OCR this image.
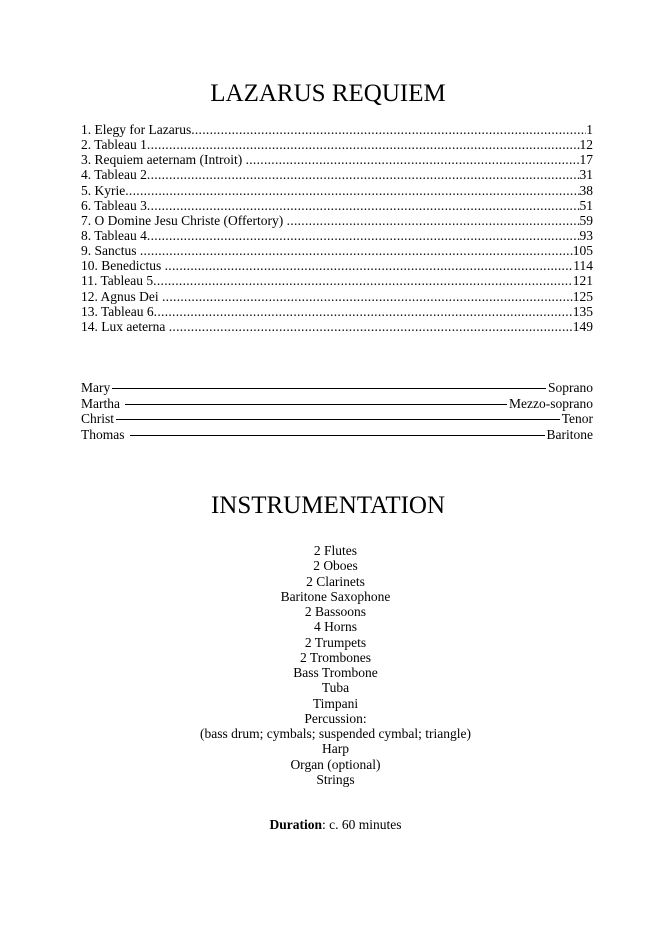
LAZARUS REQUIEM
1. Elegy for Lazarus .....	1
2. Tableau 1 .....	12
3. Requiem aeternam (Introit) .....	17
4. Tableau 2 .....	31
5. Kyrie .....	38
6. Tableau 3 .....	51
7. O Domine Jesu Christe (Offertory) .....	59
8. Tableau 4 .....	93
9. Sanctus .....	105
10. Benedictus .....	114
11. Tableau 5 .....	121
12. Agnus Dei .....	125
13. Tableau 6 .....	135
14. Lux aeterna .....	149
Mary	Soprano
Martha	Mezzo-soprano
Christ	Tenor
Thomas	Baritone
INSTRUMENTATION
2 Flutes
2 Oboes
2 Clarinets
Baritone Saxophone
2 Bassoons
4 Horns
2 Trumpets
2 Trombones
Bass Trombone
Tuba
Timpani
Percussion:
(bass drum; cymbals; suspended cymbal; triangle)
Harp
Organ (optional)
Strings

Duration: c. 60 minutes
